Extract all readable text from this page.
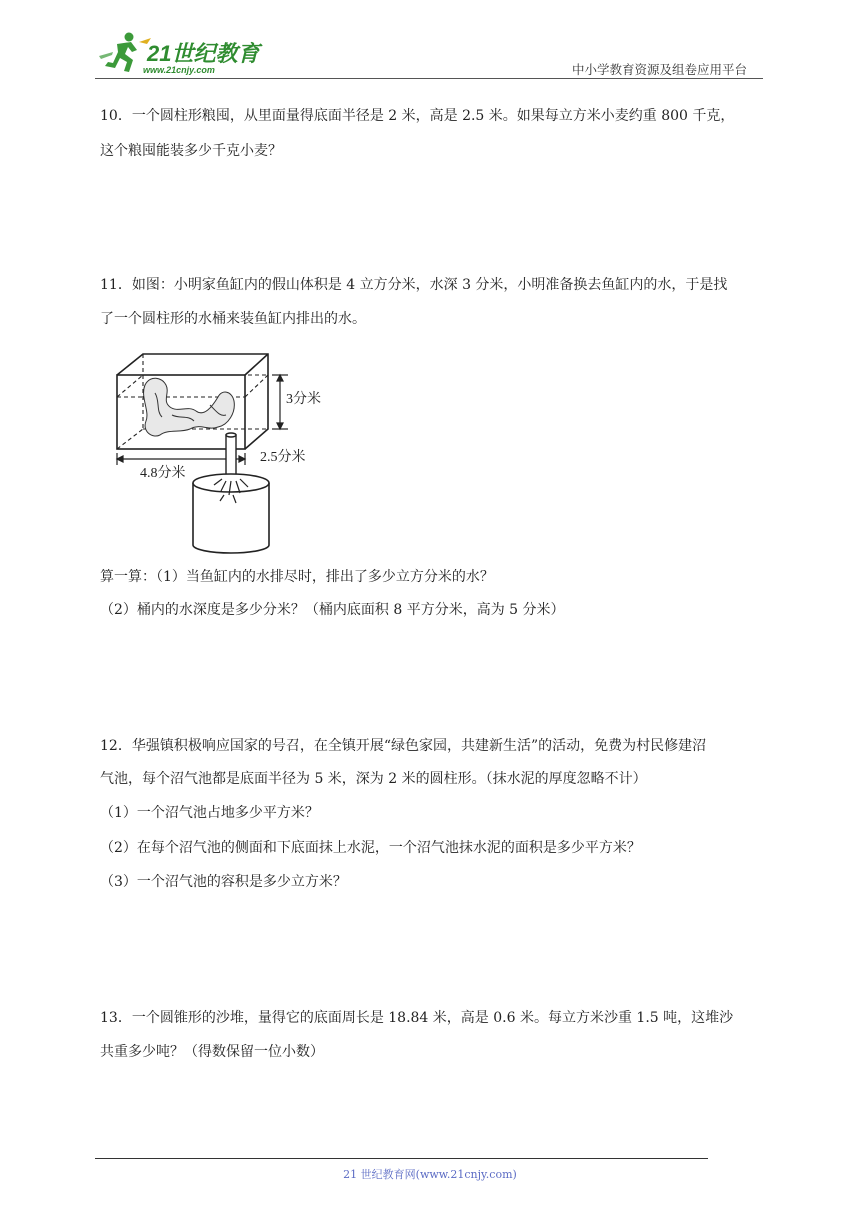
21世纪教育
www.21cnjy.com	中小学教育资源及组卷应用平台
10．一个圆柱形粮囤，从里面量得底面半径是 2 米，高是 2.5 米。如果每立方米小麦约重 800 千克，
这个粮囤能装多少千克小麦？
11．如图：小明家鱼缸内的假山体积是 4 立方分米，水深 3 分米，小明准备换去鱼缸内的水，于是找
了一个圆柱形的水桶来装鱼缸内排出的水。
3分米
2.5分米
4.8分米
算一算：（1）当鱼缸内的水排尽时，排出了多少立方分米的水？
（2）桶内的水深度是多少分米？（桶内底面积 8 平方分米，高为 5 分米）
12．华强镇积极响应国家的号召，在全镇开展“绿色家园，共建新生活”的活动，免费为村民修建沼
气池，每个沼气池都是底面半径为 5 米，深为 2 米的圆柱形。（抹水泥的厚度忽略不计）
（1）一个沼气池占地多少平方米？
（2）在每个沼气池的侧面和下底面抹上水泥，一个沼气池抹水泥的面积是多少平方米？
（3）一个沼气池的容积是多少立方米？
13．一个圆锥形的沙堆，量得它的底面周长是 18.84 米，高是 0.6 米。每立方米沙重 1.5 吨，这堆沙
共重多少吨？（得数保留一位小数）
21 世纪教育网(www.21cnjy.com)
